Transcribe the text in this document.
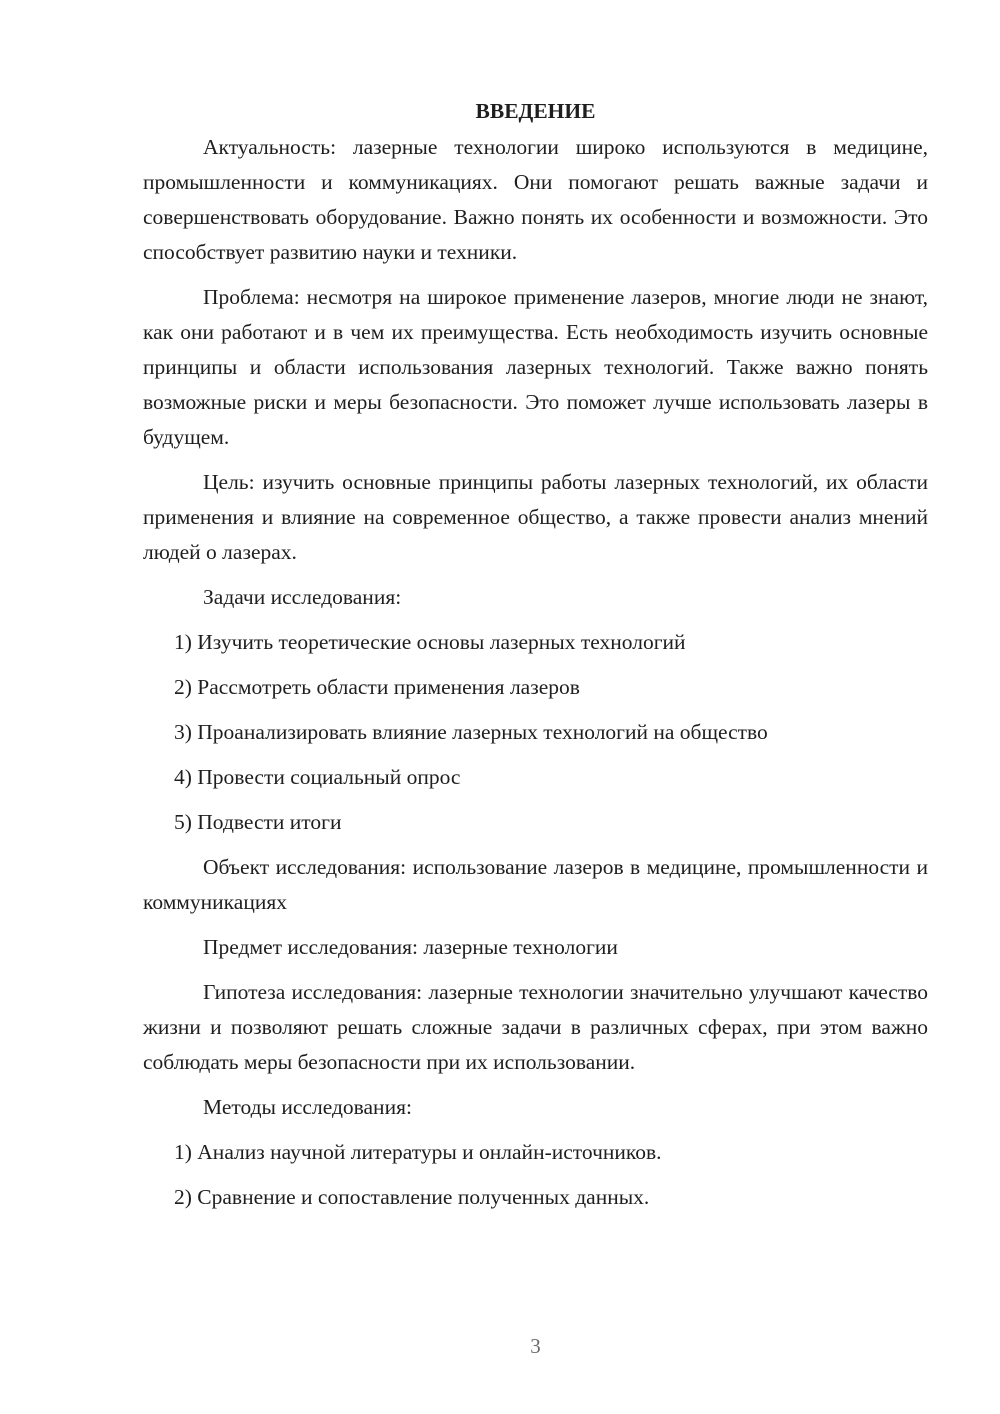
ВВЕДЕНИЕ

Актуальность: лазерные технологии широко используются в медицине, промышленности и коммуникациях. Они помогают решать важные задачи и совершенствовать оборудование. Важно понять их особенности и возможности. Это способствует развитию науки и техники.

Проблема: несмотря на широкое применение лазеров, многие люди не знают, как они работают и в чем их преимущества. Есть необходимость изучить основные принципы и области использования лазерных технологий. Также важно понять возможные риски и меры безопасности. Это поможет лучше использовать лазеры в будущем.

Цель: изучить основные принципы работы лазерных технологий, их области применения и влияние на современное общество, а также провести анализ мнений людей о лазерах.

Задачи исследования:

1) Изучить теоретические основы лазерных технологий

2) Рассмотреть области применения лазеров

3) Проанализировать влияние лазерных технологий на общество

4) Провести социальный опрос

5) Подвести итоги

Объект исследования: использование лазеров в медицине, промышленности и коммуникациях

Предмет исследования: лазерные технологии

Гипотеза исследования: лазерные технологии значительно улучшают качество жизни и позволяют решать сложные задачи в различных сферах, при этом важно соблюдать меры безопасности при их использовании.

Методы исследования:

1) Анализ научной литературы и онлайн-источников.

2) Сравнение и сопоставление полученных данных.

3
